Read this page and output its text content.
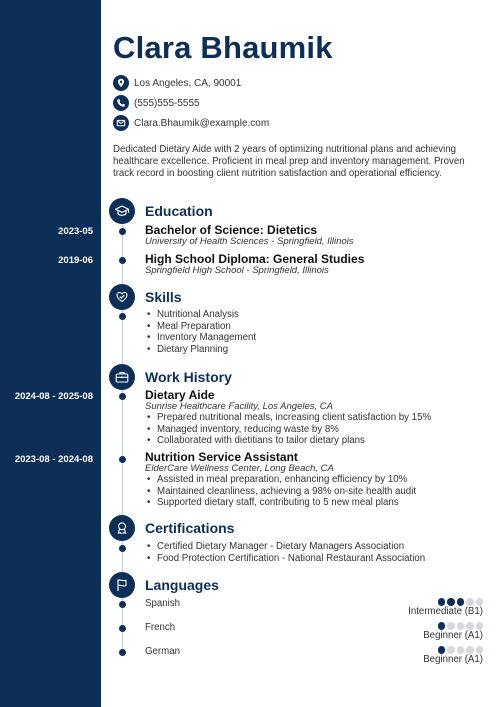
Clara Bhaumik
Los Angeles, CA, 90001
(555)555-5555
Clara.Bhaumik@example.com

Dedicated Dietary Aide with 2 years of optimizing nutritional plans and achieving healthcare excellence. Proficient in meal prep and inventory management. Proven track record in boosting client nutrition satisfaction and operational efficiency.

Education
2023-05	Bachelor of Science: Dietetics
University of Health Sciences - Springfield, Illinois
2019-06	High School Diploma: General Studies
Springfield High School - Springfield, Illinois
Skills
• Nutritional Analysis
• Meal Preparation
• Inventory Management
• Dietary Planning
Work History
2024-08 - 2025-08	Dietary Aide
Sunrise Healthcare Facility, Los Angeles, CA
• Prepared nutritional meals, increasing client satisfaction by 15%
• Managed inventory, reducing waste by 8%
• Collaborated with dietitians to tailor dietary plans
2023-08 - 2024-08	Nutrition Service Assistant
ElderCare Wellness Center, Long Beach, CA
• Assisted in meal preparation, enhancing efficiency by 10%
• Maintained cleanliness, achieving a 98% on-site health audit
• Supported dietary staff, contributing to 5 new meal plans
Certifications
• Certified Dietary Manager - Dietary Managers Association
• Food Protection Certification - National Restaurant Association
Languages
Spanish
Intermediate (B1)
French
Beginner (A1)
German
Beginner (A1)
